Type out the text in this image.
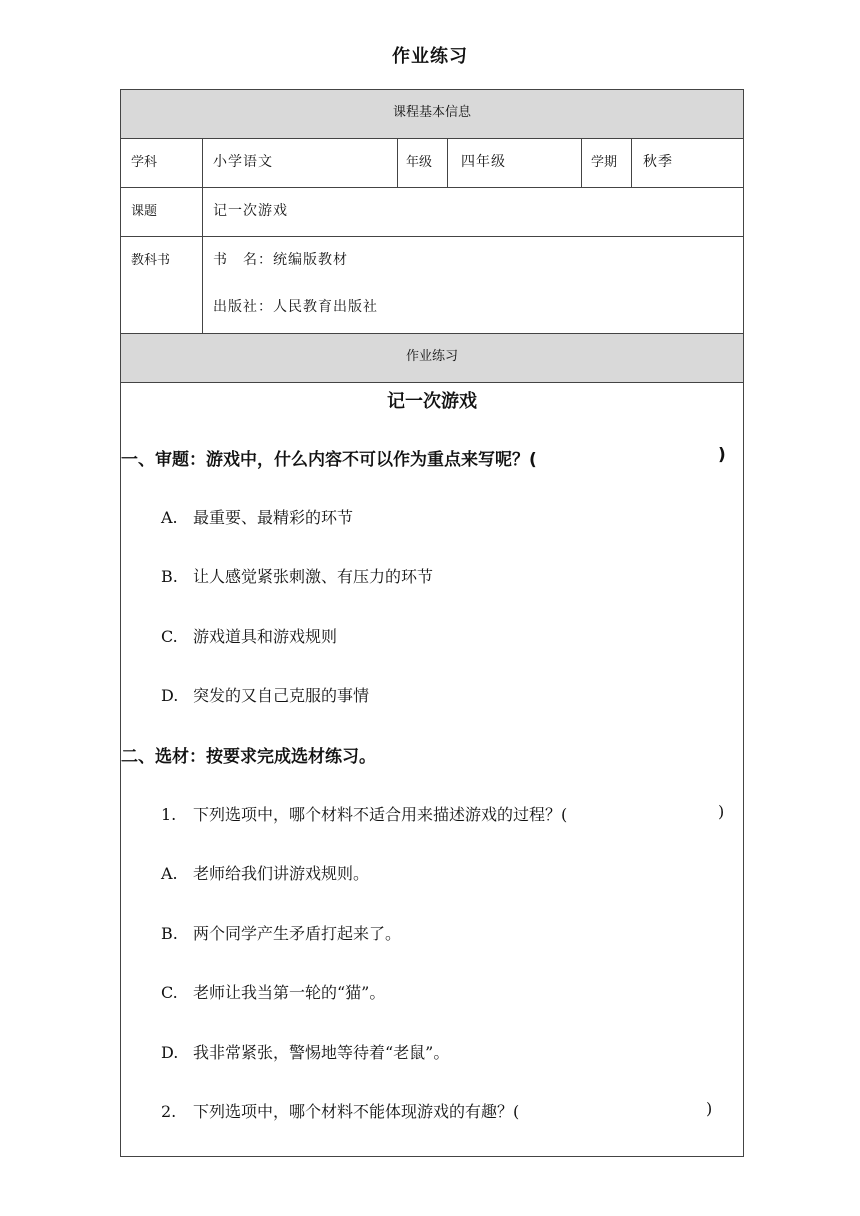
作业练习
课程基本信息
学科	小学语文	年级 四年级	学期 秋季
课题	记一次游戏
教科书	书　名：统编版教材
出版社：人民教育出版社
作业练习
记一次游戏
一、审题：游戏中，什么内容不可以作为重点来写呢？(	)
A. 最重要、最精彩的环节
B. 让人感觉紧张刺激、有压力的环节
C. 游戏道具和游戏规则
D. 突发的又自己克服的事情
二、选材：按要求完成选材练习。
1. 下列选项中，哪个材料不适合用来描述游戏的过程？(	)
A. 老师给我们讲游戏规则。
B. 两个同学产生矛盾打起来了。
C. 老师让我当第一轮的“猫”。
D. 我非常紧张，警惕地等待着“老鼠”。
2. 下列选项中，哪个材料不能体现游戏的有趣？(	)
